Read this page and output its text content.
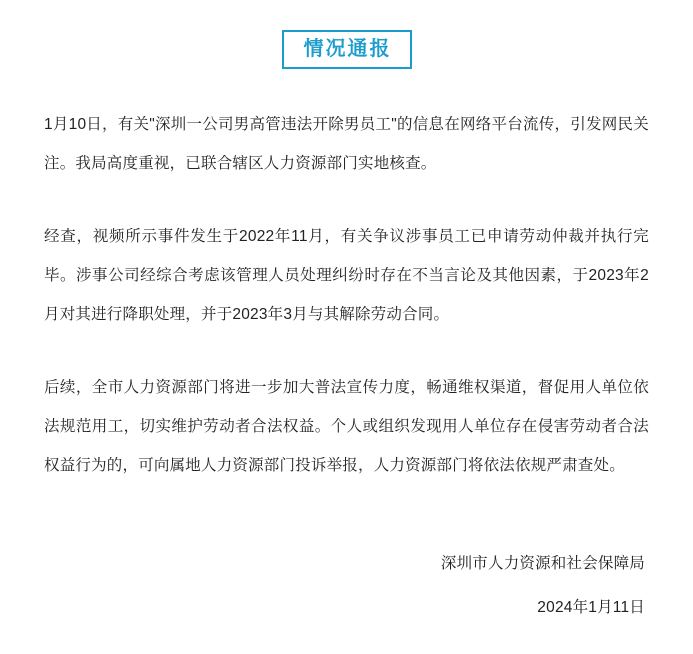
情况通报

1月10日，有关"深圳一公司男高管违法开除男员工"的信息在网络平台流传，引发网民关注。我局高度重视，已联合辖区人力资源部门实地核查。

经查，视频所示事件发生于2022年11月，有关争议涉事员工已申请劳动仲裁并执行完毕。涉事公司经综合考虑该管理人员处理纠纷时存在不当言论及其他因素，于2023年2月对其进行降职处理，并于2023年3月与其解除劳动合同。

后续，全市人力资源部门将进一步加大普法宣传力度，畅通维权渠道，督促用人单位依法规范用工，切实维护劳动者合法权益。个人或组织发现用人单位存在侵害劳动者合法权益行为的，可向属地人力资源部门投诉举报，人力资源部门将依法依规严肃查处。

深圳市人力资源和社会保障局
2024年1月11日
